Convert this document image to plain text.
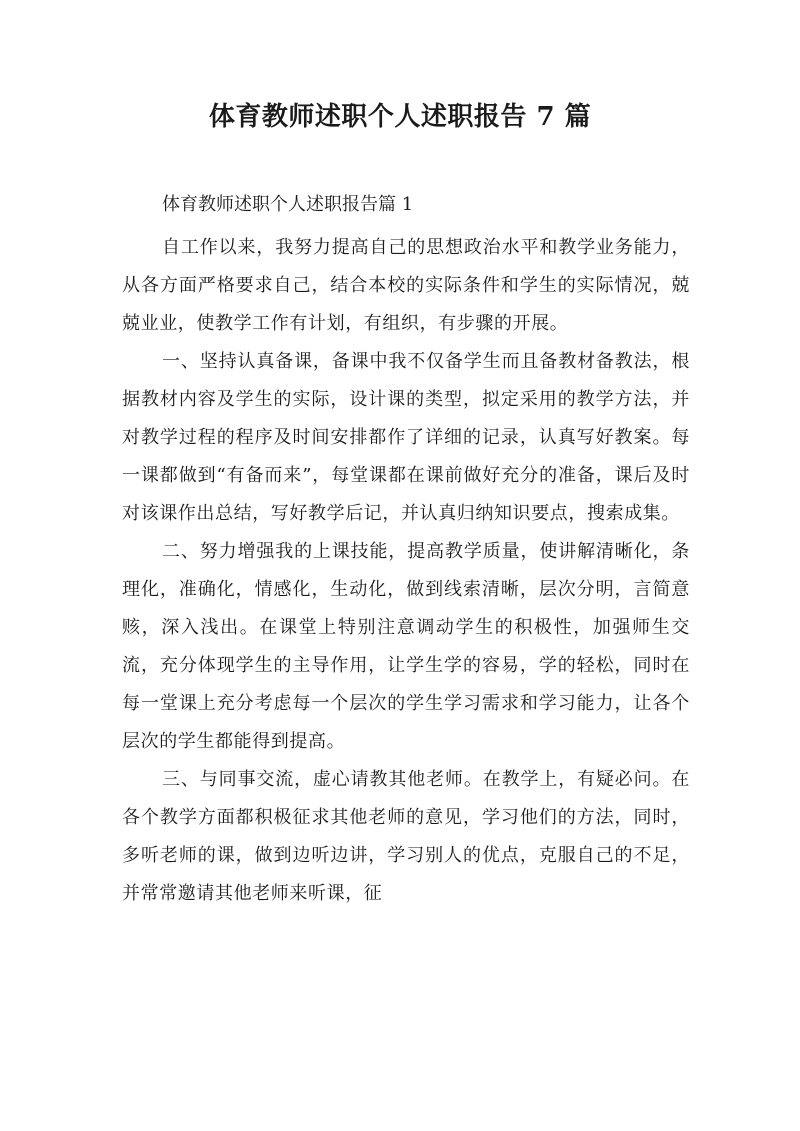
体育教师述职个人述职报告 7 篇

体育教师述职个人述职报告篇 1

自工作以来，我努力提高自己的思想政治水平和教学业务能力，从各方面严格要求自己，结合本校的实际条件和学生的实际情况，兢兢业业，使教学工作有计划，有组织，有步骤的开展。

一、坚持认真备课，备课中我不仅备学生而且备教材备教法，根据教材内容及学生的实际，设计课的类型，拟定采用的教学方法，并对教学过程的程序及时间安排都作了详细的记录，认真写好教案。每一课都做到“有备而来”，每堂课都在课前做好充分的准备，课后及时对该课作出总结，写好教学后记，并认真归纳知识要点，搜索成集。

二、努力增强我的上课技能，提高教学质量，使讲解清晰化，条理化，准确化，情感化，生动化，做到线索清晰，层次分明，言简意赅，深入浅出。在课堂上特别注意调动学生的积极性，加强师生交流，充分体现学生的主导作用，让学生学的容易，学的轻松，同时在每一堂课上充分考虑每一个层次的学生学习需求和学习能力，让各个层次的学生都能得到提高。

三、与同事交流，虚心请教其他老师。在教学上，有疑必问。在各个教学方面都积极征求其他老师的意见，学习他们的方法，同时，多听老师的课，做到边听边讲，学习别人的优点，克服自己的不足，并常常邀请其他老师来听课，征
